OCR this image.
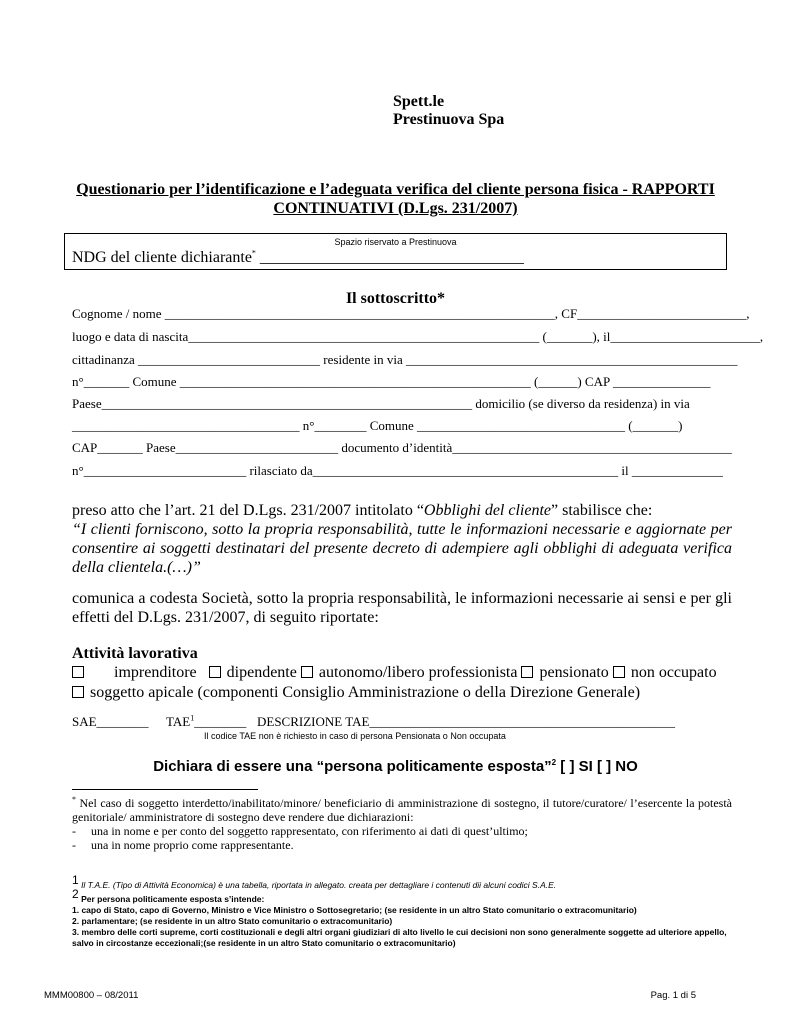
Spett.le
Prestinuova Spa
Questionario per l’identificazione e l’adeguata verifica del cliente persona fisica - RAPPORTI
CONTINUATIVI (D.Lgs. 231/2007)
Spazio riservato a Prestinuova
NDG del cliente dichiarante* _________________________________
Il sottoscritto*
Cognome / nome ____________________________________________________________, CF__________________________,
luogo e data di nascita______________________________________________________ (_______), il_______________________,
cittadinanza ____________________________ residente in via ___________________________________________________
n°_______ Comune ______________________________________________________ (______) CAP _______________
Paese_________________________________________________________ domicilio (se diverso da residenza) in via
___________________________________ n°________ Comune ________________________________ (_______)
CAP_______ Paese_________________________ documento d’identità___________________________________________
n°_________________________ rilasciato da_______________________________________________ il ______________
preso atto che l’art. 21 del D.Lgs. 231/2007 intitolato “Obblighi del cliente” stabilisce che:
“I clienti forniscono, sotto la propria responsabilità, tutte le informazioni necessarie e aggiornate per consentire ai soggetti destinatari del presente decreto di adempiere agli obblighi di adeguata verifica della clientela.(…)”
comunica a codesta Società, sotto la propria responsabilità, le informazioni necessarie ai sensi e per gli effetti del D.Lgs. 231/2007, di seguito riportate:
Attività lavorativa
imprenditore dipendente autonomo/libero professionista pensionato non occupato
soggetto apicale (componenti Consiglio Amministrazione o della Direzione Generale)
SAE________ TAE$^1$________ DESCRIZIONE TAE_______________________________________________
Il codice TAE non è richiesto in caso di persona Pensionata o Non occupata
Dichiara di essere una “persona politicamente esposta”$^2$ [ ] SI [ ] NO
* Nel caso di soggetto interdetto/inabilitato/minore/ beneficiario di amministrazione di sostegno, il tutore/curatore/ l’esercente la potestà genitoriale/ amministratore di sostegno deve rendere due dichiarazioni:
-     una in nome e per conto del soggetto rappresentato, con riferimento ai dati di quest’ultimo;
-     una in nome proprio come rappresentante.
$^1$ Il T.A.E. (Tipo di Attività Economica) è una tabella, riportata in allegato. creata per dettagliare i contenuti dii alcuni codici S.A.E.
$^2$ Per persona politicamente esposta s’intende:
1. capo di Stato, capo di Governo, Ministro e Vice Ministro o Sottosegretario; (se residente in un altro Stato comunitario o extracomunitario)
2. parlamentare; (se residente in un altro Stato comunitario o extracomunitario)
3. membro delle corti supreme, corti costituzionali e degli altri organi giudiziari di alto livello le cui decisioni non sono generalmente soggette ad ulteriore appello, salvo in circostanze eccezionali;(se residente in un altro Stato comunitario o extracomunitario)
MMM00800 – 08/2011	Pag. 1 di 5
